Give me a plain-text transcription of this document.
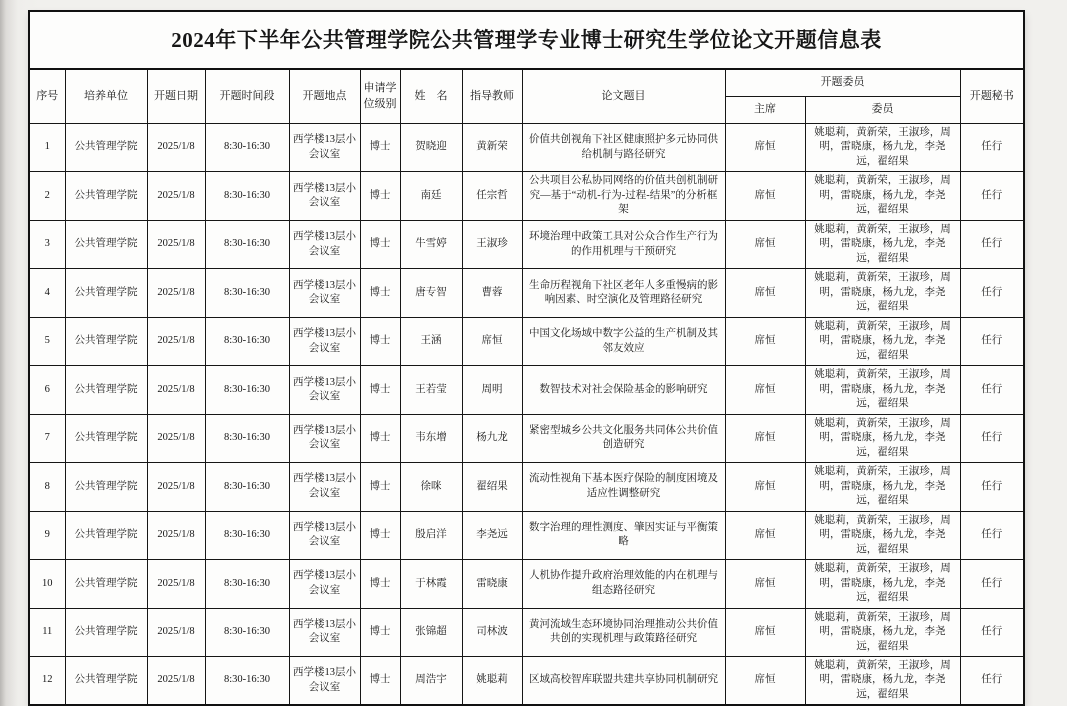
2024年下半年公共管理学院公共管理学专业博士研究生学位论文开题信息表											
序号	培养单位	开题日期	开题时间段	开题地点	申请学位级别	姓　名	指导教师	论文题目	开题委员		开题秘书
									主席	委员	
1	公共管理学院	2025/1/8	8:30-16:30	西学楼13层小会议室	博士	贺晓迎	黄新荣	价值共创视角下社区健康照护多元协同供给机制与路径研究	席恒	姚聪莉，黄新荣，王淑珍，周明，雷晓康，杨九龙，李尧远，翟绍果	任行
2	公共管理学院	2025/1/8	8:30-16:30	西学楼13层小会议室	博士	南廷	任宗哲	公共项目公私协同网络的价值共创机制研究—基于“动机-行为-过程-结果”的分析框架	席恒	姚聪莉，黄新荣，王淑珍，周明，雷晓康，杨九龙，李尧远，翟绍果	任行
3	公共管理学院	2025/1/8	8:30-16:30	西学楼13层小会议室	博士	牛雪婷	王淑珍	环境治理中政策工具对公众合作生产行为的作用机理与干预研究	席恒	姚聪莉，黄新荣，王淑珍，周明，雷晓康，杨九龙，李尧远，翟绍果	任行
4	公共管理学院	2025/1/8	8:30-16:30	西学楼13层小会议室	博士	唐专智	曹蓉	生命历程视角下社区老年人多重慢病的影响因素、时空演化及管理路径研究	席恒	姚聪莉，黄新荣，王淑珍，周明，雷晓康，杨九龙，李尧远，翟绍果	任行
5	公共管理学院	2025/1/8	8:30-16:30	西学楼13层小会议室	博士	王涵	席恒	中国文化场域中数字公益的生产机制及其邻友效应	席恒	姚聪莉，黄新荣，王淑珍，周明，雷晓康，杨九龙，李尧远，翟绍果	任行
6	公共管理学院	2025/1/8	8:30-16:30	西学楼13层小会议室	博士	王若莹	周明	数智技术对社会保险基金的影响研究	席恒	姚聪莉，黄新荣，王淑珍，周明，雷晓康，杨九龙，李尧远，翟绍果	任行
7	公共管理学院	2025/1/8	8:30-16:30	西学楼13层小会议室	博士	韦东增	杨九龙	紧密型城乡公共文化服务共同体公共价值创造研究	席恒	姚聪莉，黄新荣，王淑珍，周明，雷晓康，杨九龙，李尧远，翟绍果	任行
8	公共管理学院	2025/1/8	8:30-16:30	西学楼13层小会议室	博士	徐咪	翟绍果	流动性视角下基本医疗保险的制度困境及适应性调整研究	席恒	姚聪莉，黄新荣，王淑珍，周明，雷晓康，杨九龙，李尧远，翟绍果	任行
9	公共管理学院	2025/1/8	8:30-16:30	西学楼13层小会议室	博士	殷启洋	李尧远	数字治理的理性测度、肇因实证与平衡策略	席恒	姚聪莉，黄新荣，王淑珍，周明，雷晓康，杨九龙，李尧远，翟绍果	任行
10	公共管理学院	2025/1/8	8:30-16:30	西学楼13层小会议室	博士	于林霞	雷晓康	人机协作提升政府治理效能的内在机理与组态路径研究	席恒	姚聪莉，黄新荣，王淑珍，周明，雷晓康，杨九龙，李尧远，翟绍果	任行
11	公共管理学院	2025/1/8	8:30-16:30	西学楼13层小会议室	博士	张锦超	司林波	黄河流域生态环境协同治理推动公共价值共创的实现机理与政策路径研究	席恒	姚聪莉，黄新荣，王淑珍，周明，雷晓康，杨九龙，李尧远，翟绍果	任行
12	公共管理学院	2025/1/8	8:30-16:30	西学楼13层小会议室	博士	周浩宇	姚聪莉	区域高校智库联盟共建共享协同机制研究	席恒	姚聪莉，黄新荣，王淑珍，周明，雷晓康，杨九龙，李尧远，翟绍果	任行
